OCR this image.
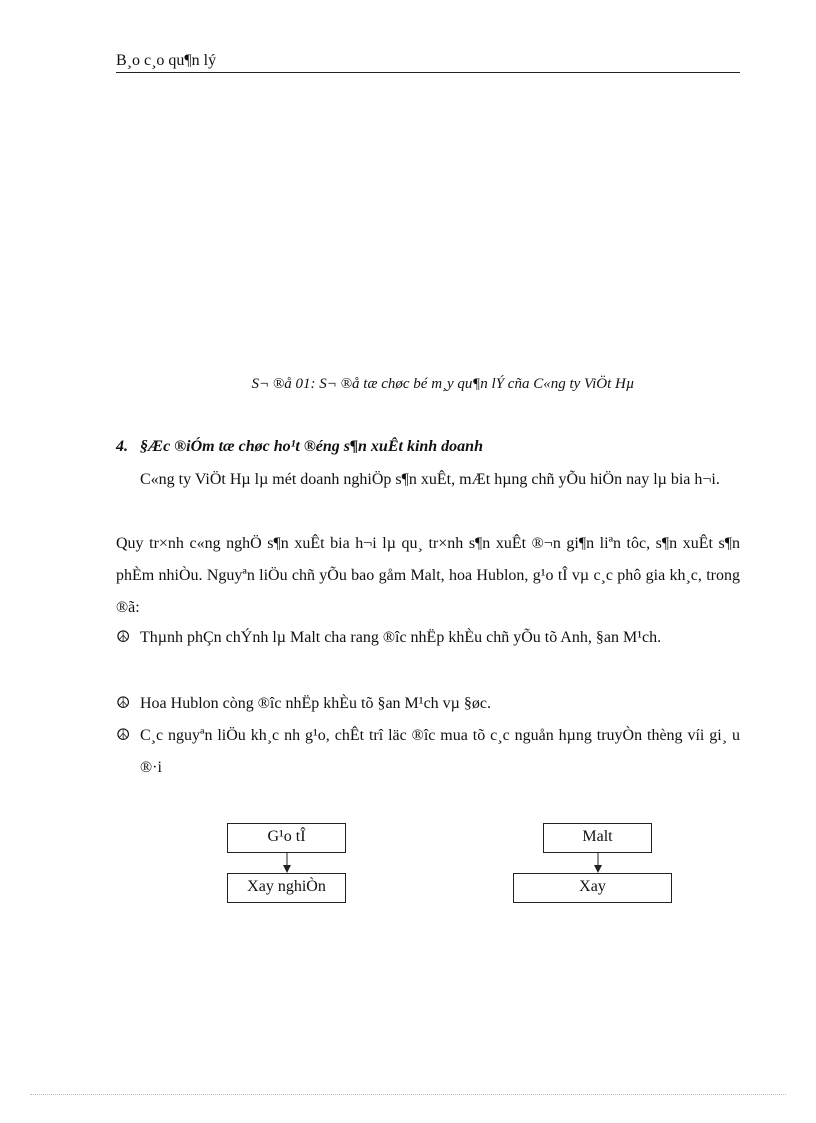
B¸o c¸o qu¶n lý
S¬ ®å 01: S¬ ®å tæ chøc bé m¸y qu¶n lÝ cña C«ng ty ViÖt Hµ
4. §Æc ®iÓm tæ chøc ho¹t ®éng s¶n xuÊt kinh doanh
C«ng ty ViÖt Hµ lµ mét doanh nghiÖp s¶n xuÊt, mÆt hµng chñ yÕu hiÖn nay lµ bia h¬i.
Quy tr×nh c«ng nghÖ s¶n xuÊt bia h¬i lµ qu¸ tr×nh s¶n xuÊt ®¬n gi¶n liªn tôc, s¶n xuÊt s¶n phÈm nhiÒu. Nguyªn liÖu chñ yÕu bao gåm Malt, hoa Hublon, g¹o tÎ vµ c¸c phô gia kh¸c, trong ®ã:
☮ Thµnh phÇn chÝnh lµ Malt cha rang ®îc nhËp khÈu chñ yÕu tõ Anh, §an M¹ch.
☮ Hoa Hublon còng ®îc nhËp khÈu tõ §an M¹ch vµ §øc.
☮ C¸c nguyªn liÖu kh¸c nh g¹o, chÊt trî läc ®îc mua tõ c¸c nguån hµng truyÒn thèng víi gi¸ u ®·i
G¹o tÎ
Xay nghiÒn
Malt
Xay
